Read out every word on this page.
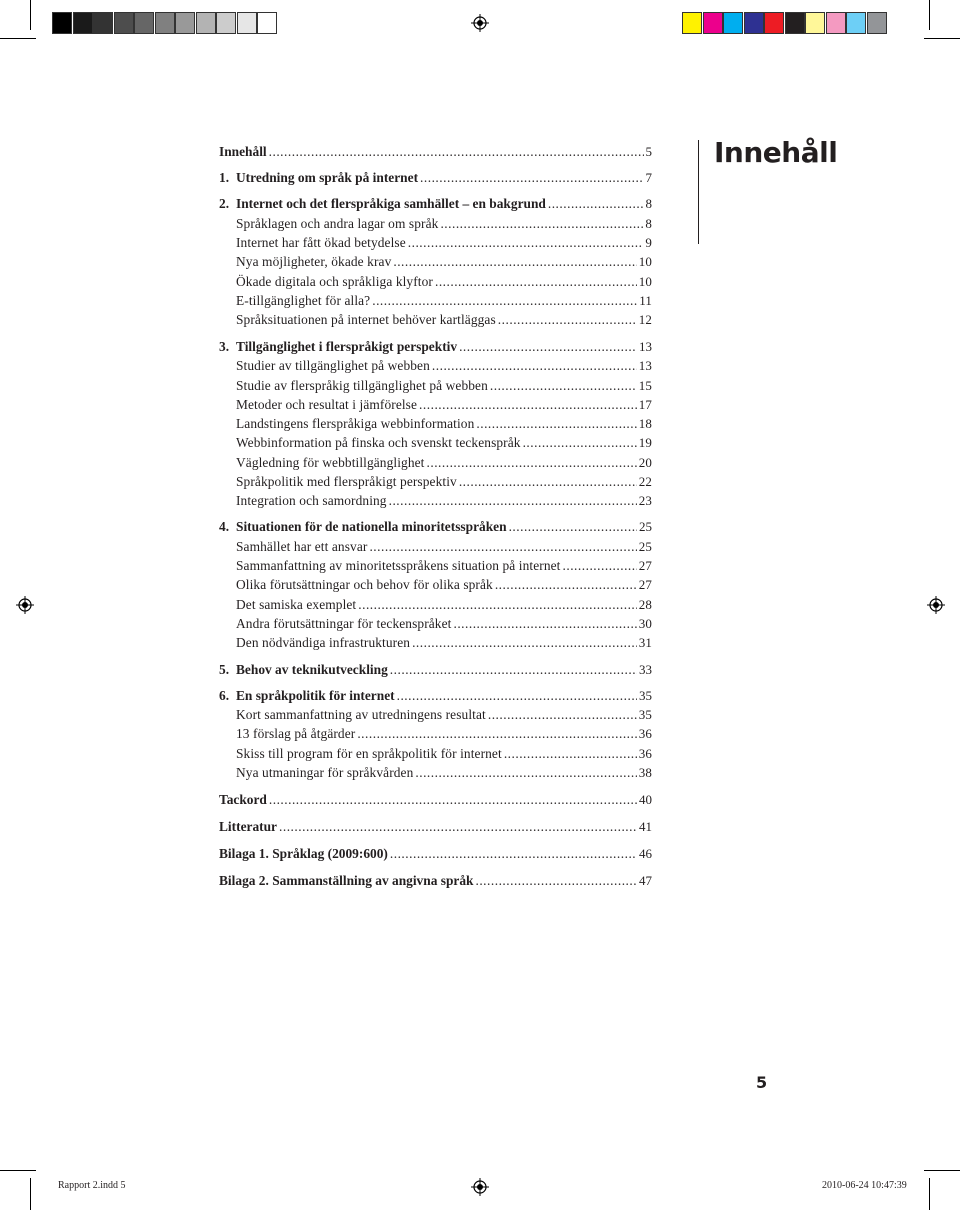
Innehåll
Innehåll .....	5
1. Utredning om språk på internet .....	7
2. Internet och det flerspråkiga samhället – en bakgrund .....	8
Språklagen och andra lagar om språk .....	8
Internet har fått ökad betydelse .....	9
Nya möjligheter, ökade krav .....	10
Ökade digitala och språkliga klyftor .....	10
E-tillgänglighet för alla? .....	11
Språksituationen på internet behöver kartläggas .....	12
3. Tillgänglighet i flerspråkigt perspektiv .....	13
Studier av tillgänglighet på webben .....	13
Studie av flerspråkig tillgänglighet på webben .....	15
Metoder och resultat i jämförelse .....	17
Landstingens flerspråkiga webbinformation .....	18
Webbinformation på finska och svenskt teckenspråk .....	19
Vägledning för webbtillgänglighet .....	20
Språkpolitik med flerspråkigt perspektiv .....	22
Integration och samordning .....	23
4. Situationen för de nationella minoritetsspråken .....	25
Samhället har ett ansvar .....	25
Sammanfattning av minoritetsspråkens situation på internet .....	27
Olika förutsättningar och behov för olika språk .....	27
Det samiska exemplet .....	28
Andra förutsättningar för teckenspråket .....	30
Den nödvändiga infrastrukturen .....	31
5. Behov av teknikutveckling .....	33
6. En språkpolitik för internet .....	35
Kort sammanfattning av utredningens resultat .....	35
13 förslag på åtgärder .....	36
Skiss till program för en språkpolitik för internet .....	36
Nya utmaningar för språkvården .....	38
Tackord .....	40
Litteratur .....	41
Bilaga 1. Språklag (2009:600) .....	46
Bilaga 2. Sammanställning av angivna språk .....	47
5
Rapport 2.indd 5	2010-06-24 10:47:39
